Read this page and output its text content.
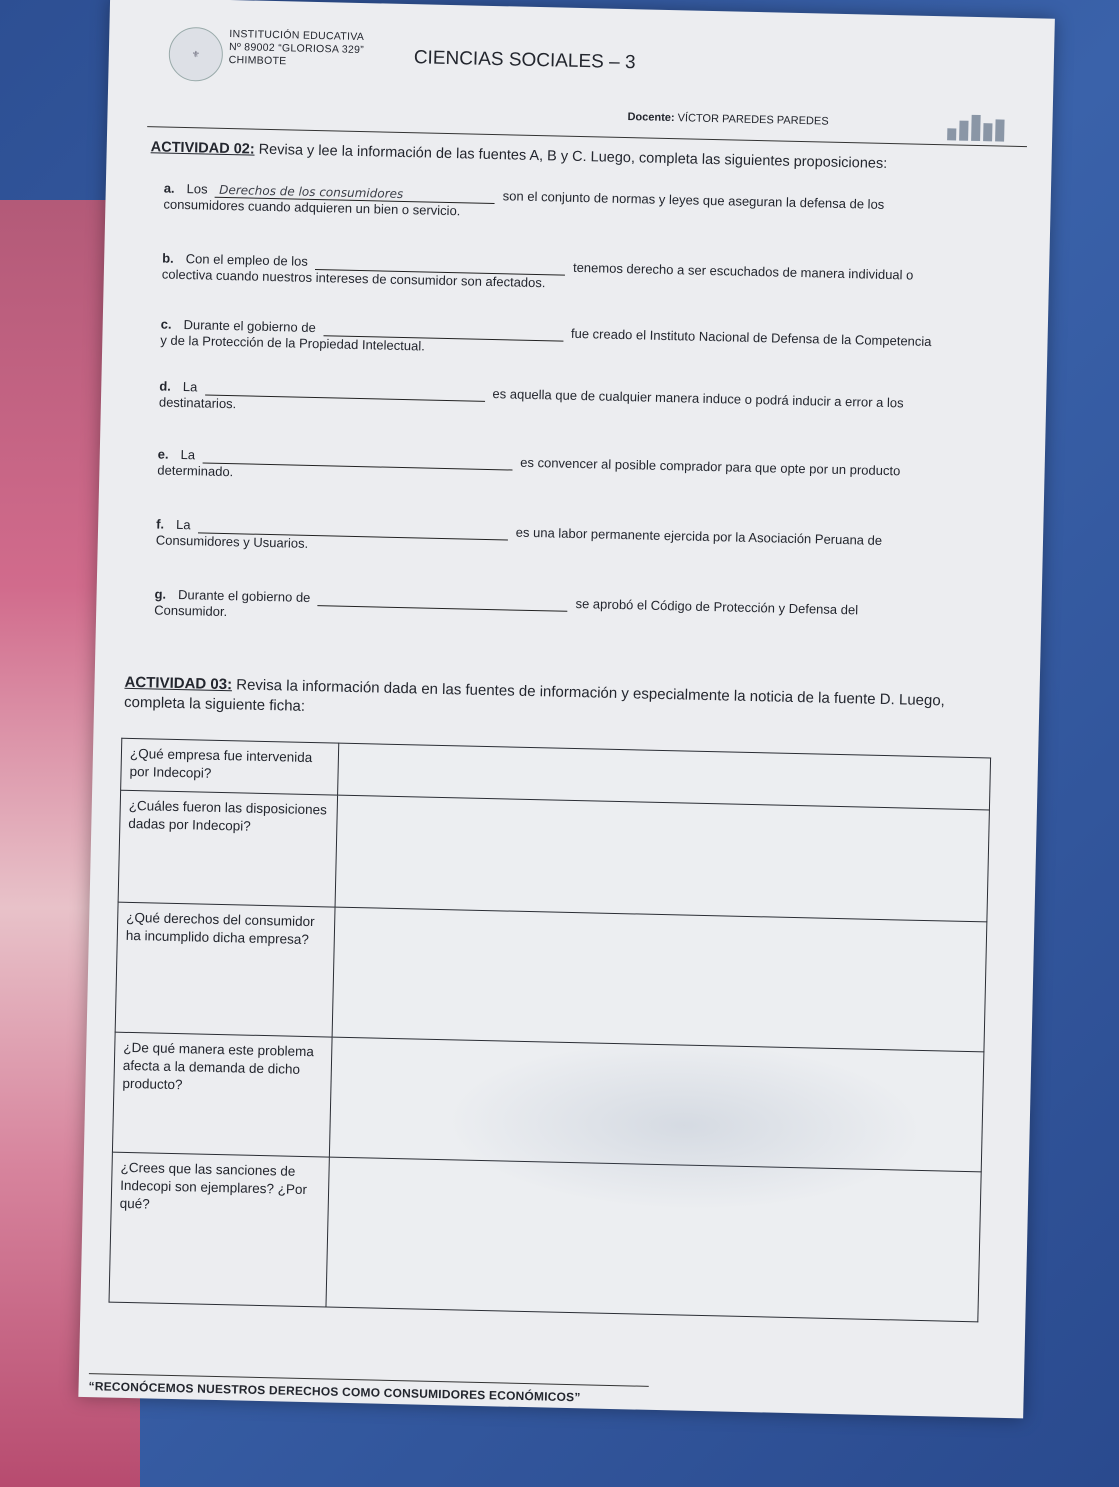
⚜
INSTITUCIÓN EDUCATIVA
Nº 89002 “GLORIOSA 329”
CHIMBOTE	CIENCIAS SOCIALES – 3
Docente: VÍCTOR PAREDES PAREDES
ACTIVIDAD 02: Revisa y lee la información de las fuentes A, B y C. Luego, completa las siguientes proposiciones:
a. Los Derechos de los consumidores	son el conjunto de normas y leyes que aseguran la defensa de los consumidores cuando adquieren un bien o servicio.
b. Con el empleo de los	tenemos derecho a ser escuchados de manera individual o colectiva cuando nuestros intereses de consumidor son afectados.
c. Durante el gobierno de	fue creado el Instituto Nacional de Defensa de la Competencia y de la Protección de la Propiedad Intelectual.
d. La	es aquella que de cualquier manera induce o podrá inducir a error a los destinatarios.
e. La  es convencer al posible comprador para que opte por un producto determinado.
f. La  es una labor permanente ejercida por la Asociación Peruana de Consumidores y Usuarios.
g. Durante el gobierno de  se aprobó el Código de Protección y Defensa del Consumidor.
ACTIVIDAD 03: Revisa la información dada en las fuentes de información y especialmente la noticia de la fuente D. Luego, completa la siguiente ficha:
¿Qué empresa fue intervenida por Indecopi?	
¿Cuáles fueron las disposiciones dadas por Indecopi?	
¿Qué derechos del consumidor ha incumplido dicha empresa?	
¿De qué manera este problema afecta a la demanda de dicho producto?	
¿Crees que las sanciones de Indecopi son ejemplares? ¿Por qué?	
“RECONÓCEMOS NUESTROS DERECHOS COMO CONSUMIDORES ECONÓMICOS”
